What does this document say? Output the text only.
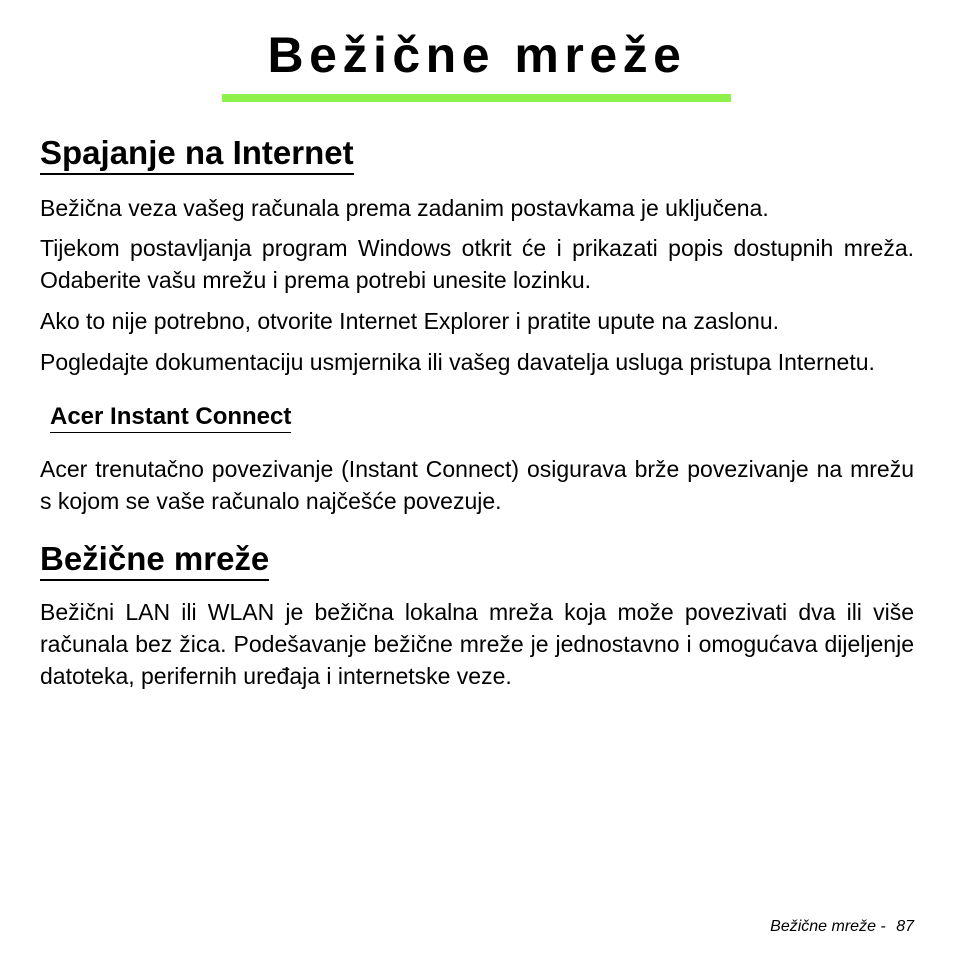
Bežične mreže
Spajanje na Internet

Bežična veza vašeg računala prema zadanim postavkama je uključena.

Tijekom postavljanja program Windows otkrit će i prikazati popis dostupnih mreža. Odaberite vašu mrežu i prema potrebi unesite lozinku.

Ako to nije potrebno, otvorite Internet Explorer i pratite upute na zaslonu.

Pogledajte dokumentaciju usmjernika ili vašeg davatelja usluga pristupa Internetu.

Acer Instant Connect

Acer trenutačno povezivanje (Instant Connect) osigurava brže povezivanje na mrežu s kojom se vaše računalo najčešće povezuje.

Bežične mreže

Bežični LAN ili WLAN je bežična lokalna mreža koja može povezivati dva ili više računala bez žica. Podešavanje bežične mreže je jednostavno i omogućava dijeljenje datoteka, perifernih uređaja i internetske veze.

Bežične mreže - 87
